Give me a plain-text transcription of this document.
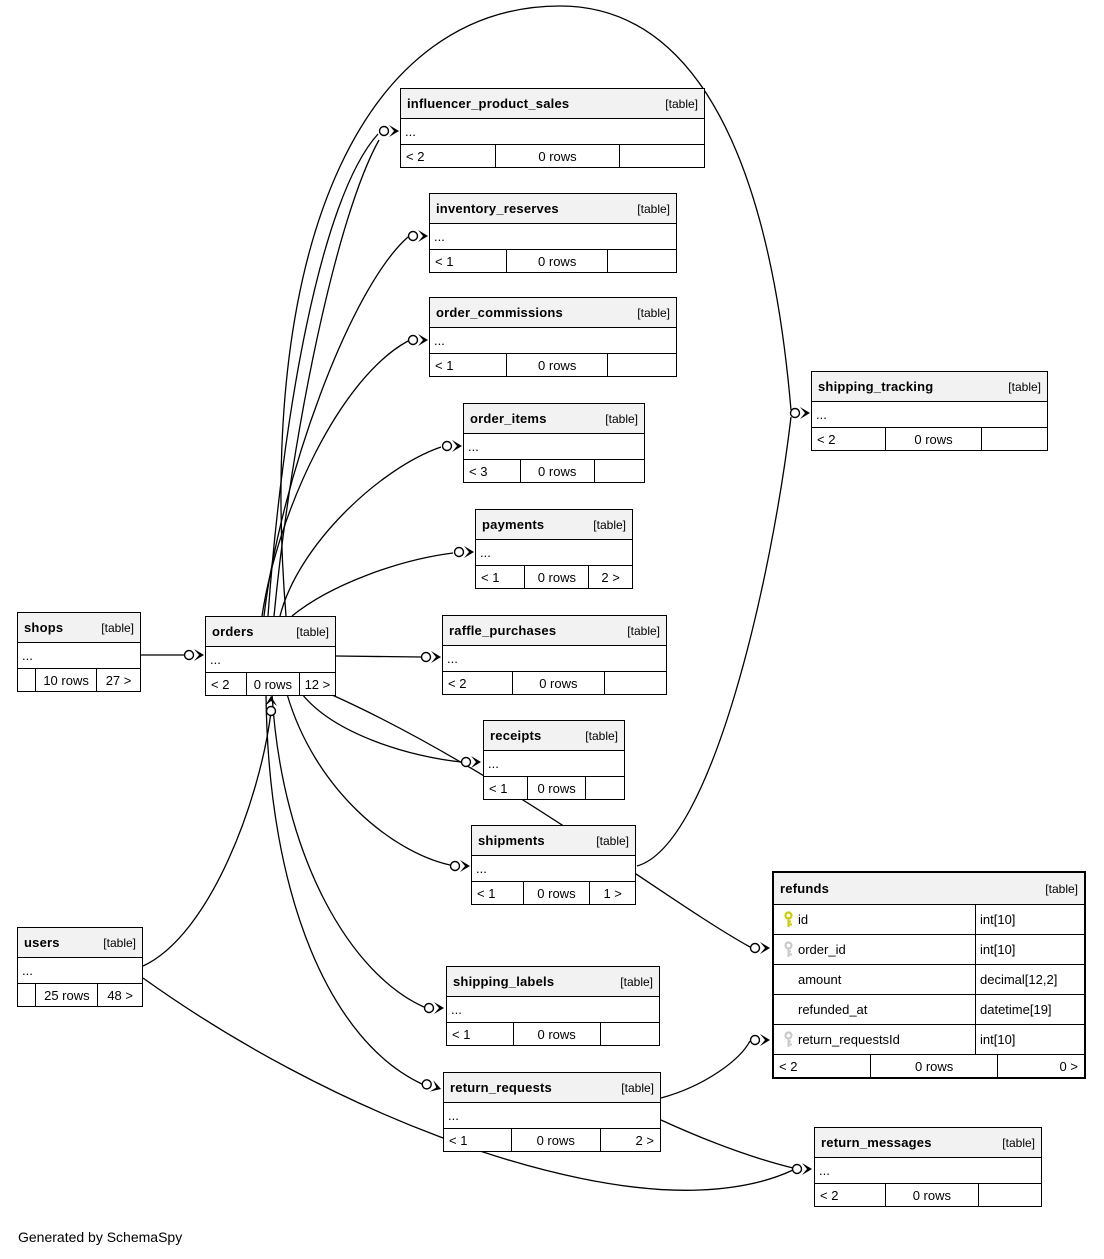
influencer_product_sales	[table]
...
< 2	0 rows
inventory_reserves	[table]
...
< 1	0 rows
order_commissions	[table]
...
< 1	0 rows
order_items	[table]
...
< 3	0 rows
payments	[table]
...
< 1	0 rows	2 >
shipping_tracking	[table]
...
< 2	0 rows
shops	[table]
...
10 rows	27 >
orders	[table]
...
< 2	0 rows 12 >
raffle_purchases	[table]
...
< 2	0 rows
receipts	[table]
...
< 1	0 rows
shipments	[table]
...
< 1	0 rows	1 >	refunds	[table]
id	int[10]
order_id	int[10]
amount	decimal[12,2]
refunded_at	datetime[19]
return_requestsId	int[10]
< 2	0 rows	0 >
users	[table]
...
25 rows	48 >
shipping_labels	[table]
...
< 1	0 rows
return_requests	[table]
...
< 1	0 rows	2 >	return_messages	[table]
...
< 2	0 rows
Generated by SchemaSpy
